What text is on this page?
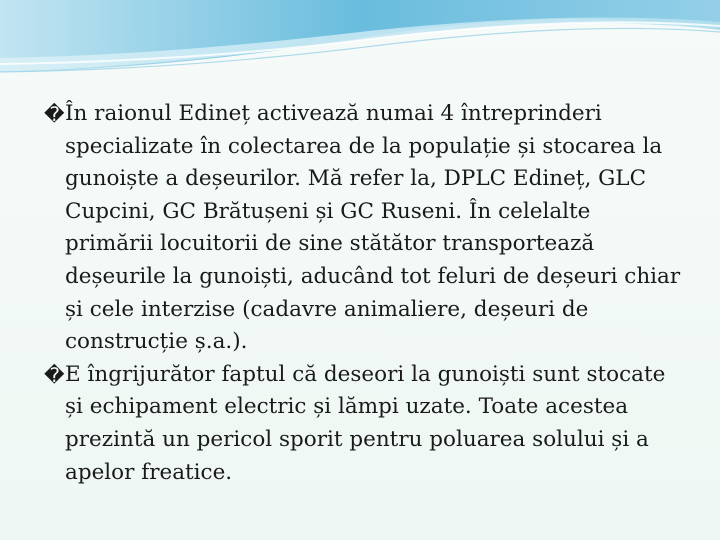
� În raionul Edineț activează numai 4 întreprinderi specializate în colectarea de la populație și stocarea la gunoiște a deșeurilor. Mă refer la, DPLC Edineț, GLC Cupcini, GC Brătușeni și GC Ruseni. În celelalte primării locuitorii de sine stătător transportează deșeurile la gunoiști, aducând tot feluri de deșeuri chiar și cele interzise (cadavre animaliere, deșeuri de construcție ș.a.).
� E îngrijurător faptul că deseori la gunoiști sunt stocate și echipament electric și lămpi uzate. Toate acestea prezintă un pericol sporit pentru poluarea solului și a apelor freatice.
